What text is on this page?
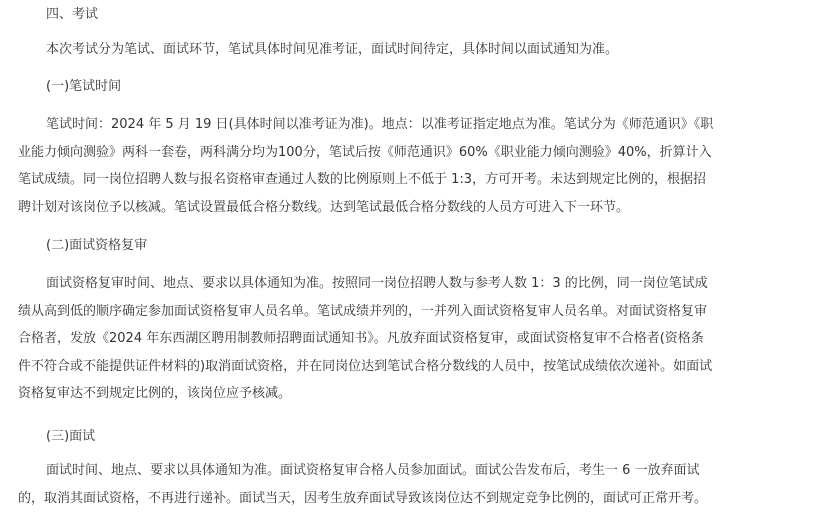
四、考试
本次考试分为笔试、面试环节，笔试具体时间见准考证，面试时间待定，具体时间以面试通知为准。
(一)笔试时间
笔试时间：2024 年 5 月 19 日(具体时间以准考证为准)。地点：以准考证指定地点为准。笔试分为《师范通识》《职
业能力倾向测验》两科一套卷，两科满分均为100分，笔试后按《师范通识》60%《职业能力倾向测验》40%，折算计入
笔试成绩。同一岗位招聘人数与报名资格审查通过人数的比例原则上不低于 1:3，方可开考。未达到规定比例的，根据招
聘计划对该岗位予以核减。笔试设置最低合格分数线。达到笔试最低合格分数线的人员方可进入下一环节。
(二)面试资格复审
面试资格复审时间、地点、要求以具体通知为准。按照同一岗位招聘人数与参考人数 1：3 的比例，同一岗位笔试成
绩从高到低的顺序确定参加面试资格复审人员名单。笔试成绩并列的，一并列入面试资格复审人员名单。对面试资格复审
合格者，发放《2024 年东西湖区聘用制教师招聘面试通知书》。凡放弃面试资格复审，或面试资格复审不合格者(资格条
件不符合或不能提供证件材料的)取消面试资格，并在同岗位达到笔试合格分数线的人员中，按笔试成绩依次递补。如面试
资格复审达不到规定比例的，该岗位应予核减。
(三)面试
面试时间、地点、要求以具体通知为准。面试资格复审合格人员参加面试。面试公告发布后，考生一 6 一放弃面试
的，取消其面试资格，不再进行递补。面试当天，因考生放弃面试导致该岗位达不到规定竞争比例的，面试可正常开考。
